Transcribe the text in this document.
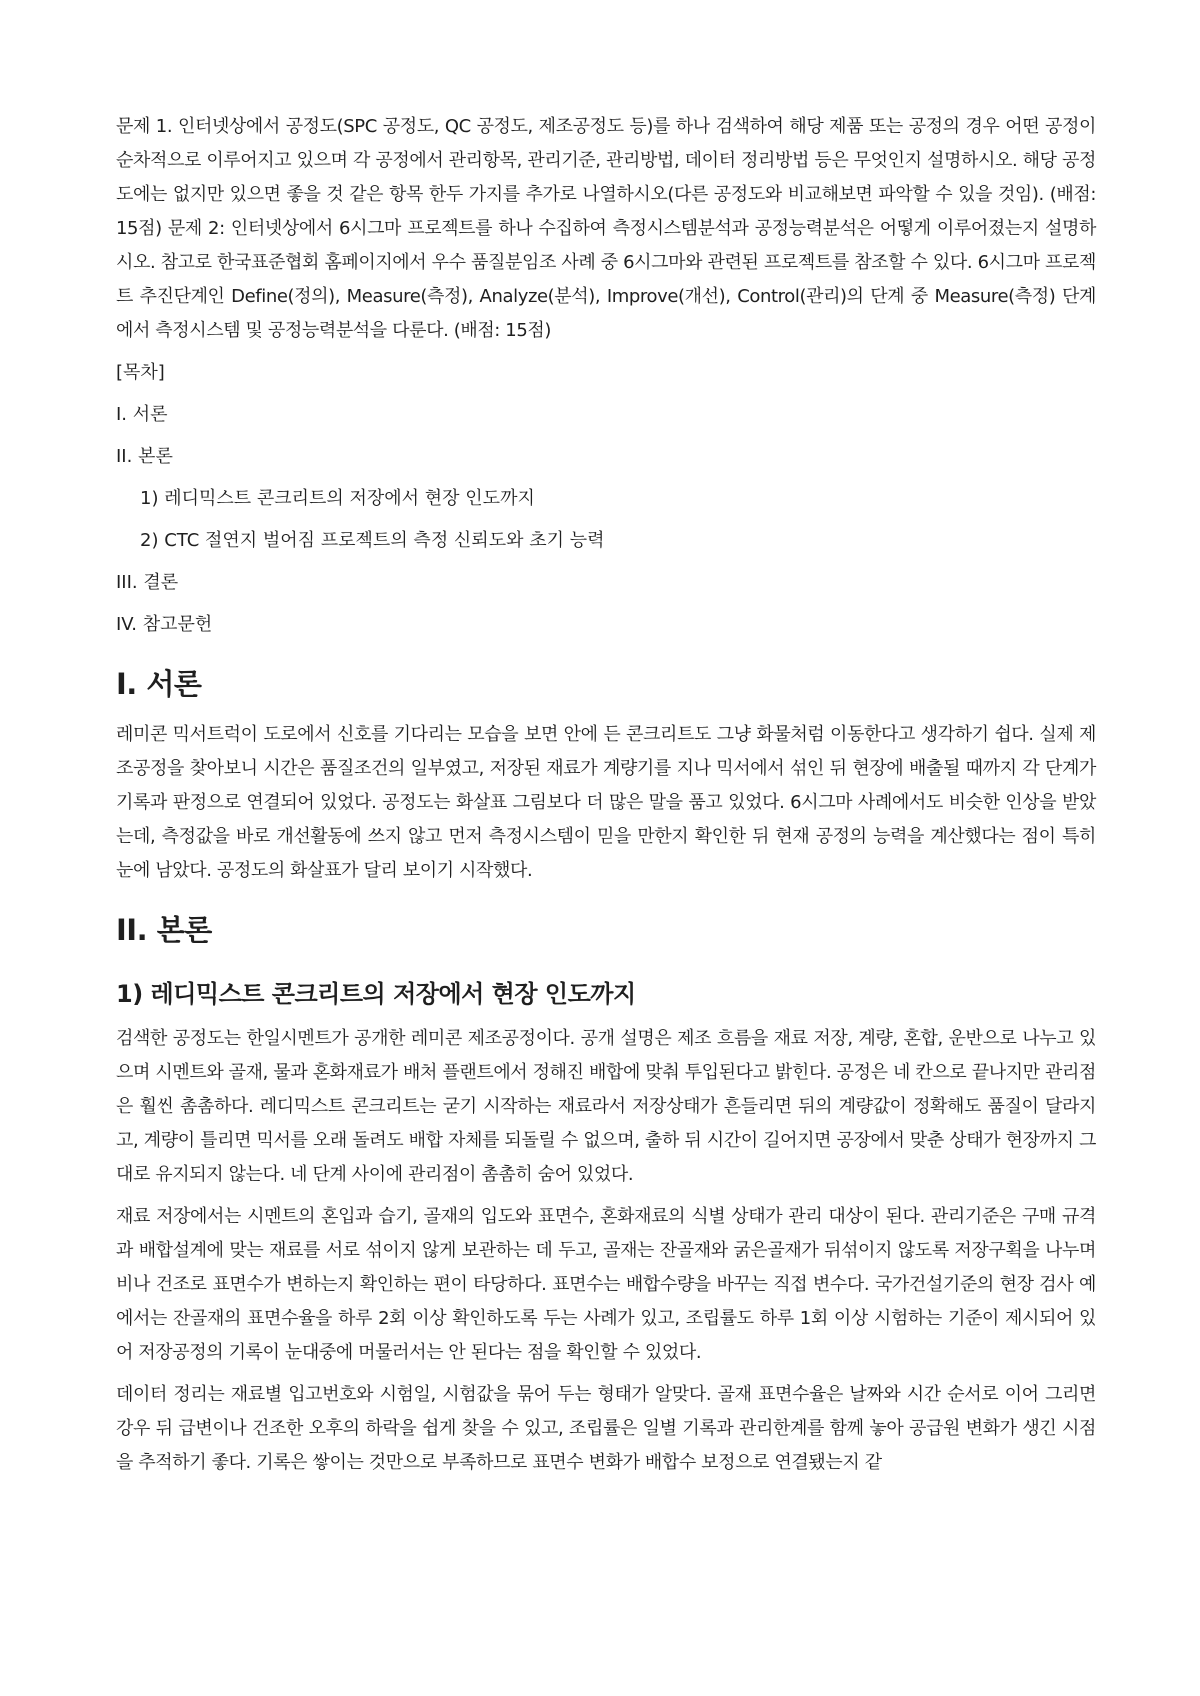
문제 1. 인터넷상에서 공정도(SPC 공정도, QC 공정도, 제조공정도 등)를 하나 검색하여 해당 제품 또는 공정의 경우 어떤 공정이 순차적으로 이루어지고 있으며 각 공정에서 관리항목, 관리기준, 관리방법, 데이터 정리방법 등은 무엇인지 설명하시오. 해당 공정도에는 없지만 있으면 좋을 것 같은 항목 한두 가지를 추가로 나열하시오(다른 공정도와 비교해보면 파악할 수 있을 것임). (배점: 15점) 문제 2: 인터넷상에서 6시그마 프로젝트를 하나 수집하여 측정시스템분석과 공정능력분석은 어떻게 이루어졌는지 설명하시오. 참고로 한국표준협회 홈페이지에서 우수 품질분임조 사례 중 6시그마와 관련된 프로젝트를 참조할 수 있다. 6시그마 프로젝트 추진단계인 Define(정의), Measure(측정), Analyze(분석), Improve(개선), Control(관리)의 단계 중 Measure(측정) 단계에서 측정시스템 및 공정능력분석을 다룬다. (배점: 15점)

[목차]
I. 서론
II. 본론
1) 레디믹스트 콘크리트의 저장에서 현장 인도까지
2) CTC 절연지 벌어짐 프로젝트의 측정 신뢰도와 초기 능력
III. 결론
IV. 참고문헌
I. 서론

레미콘 믹서트럭이 도로에서 신호를 기다리는 모습을 보면 안에 든 콘크리트도 그냥 화물처럼 이동한다고 생각하기 쉽다. 실제 제조공정을 찾아보니 시간은 품질조건의 일부였고, 저장된 재료가 계량기를 지나 믹서에서 섞인 뒤 현장에 배출될 때까지 각 단계가 기록과 판정으로 연결되어 있었다. 공정도는 화살표 그림보다 더 많은 말을 품고 있었다. 6시그마 사례에서도 비슷한 인상을 받았는데, 측정값을 바로 개선활동에 쓰지 않고 먼저 측정시스템이 믿을 만한지 확인한 뒤 현재 공정의 능력을 계산했다는 점이 특히 눈에 남았다. 공정도의 화살표가 달리 보이기 시작했다.

II. 본론
1) 레디믹스트 콘크리트의 저장에서 현장 인도까지

검색한 공정도는 한일시멘트가 공개한 레미콘 제조공정이다. 공개 설명은 제조 흐름을 재료 저장, 계량, 혼합, 운반으로 나누고 있으며 시멘트와 골재, 물과 혼화재료가 배처 플랜트에서 정해진 배합에 맞춰 투입된다고 밝힌다. 공정은 네 칸으로 끝나지만 관리점은 훨씬 촘촘하다. 레디믹스트 콘크리트는 굳기 시작하는 재료라서 저장상태가 흔들리면 뒤의 계량값이 정확해도 품질이 달라지고, 계량이 틀리면 믹서를 오래 돌려도 배합 자체를 되돌릴 수 없으며, 출하 뒤 시간이 길어지면 공장에서 맞춘 상태가 현장까지 그대로 유지되지 않는다. 네 단계 사이에 관리점이 촘촘히 숨어 있었다.

재료 저장에서는 시멘트의 혼입과 습기, 골재의 입도와 표면수, 혼화재료의 식별 상태가 관리 대상이 된다. 관리기준은 구매 규격과 배합설계에 맞는 재료를 서로 섞이지 않게 보관하는 데 두고, 골재는 잔골재와 굵은골재가 뒤섞이지 않도록 저장구획을 나누며 비나 건조로 표면수가 변하는지 확인하는 편이 타당하다. 표면수는 배합수량을 바꾸는 직접 변수다. 국가건설기준의 현장 검사 예에서는 잔골재의 표면수율을 하루 2회 이상 확인하도록 두는 사례가 있고, 조립률도 하루 1회 이상 시험하는 기준이 제시되어 있어 저장공정의 기록이 눈대중에 머물러서는 안 된다는 점을 확인할 수 있었다.

데이터 정리는 재료별 입고번호와 시험일, 시험값을 묶어 두는 형태가 알맞다. 골재 표면수율은 날짜와 시간 순서로 이어 그리면 강우 뒤 급변이나 건조한 오후의 하락을 쉽게 찾을 수 있고, 조립률은 일별 기록과 관리한계를 함께 놓아 공급원 변화가 생긴 시점을 추적하기 좋다. 기록은 쌓이는 것만으로 부족하므로 표면수 변화가 배합수 보정으로 연결됐는지 같
